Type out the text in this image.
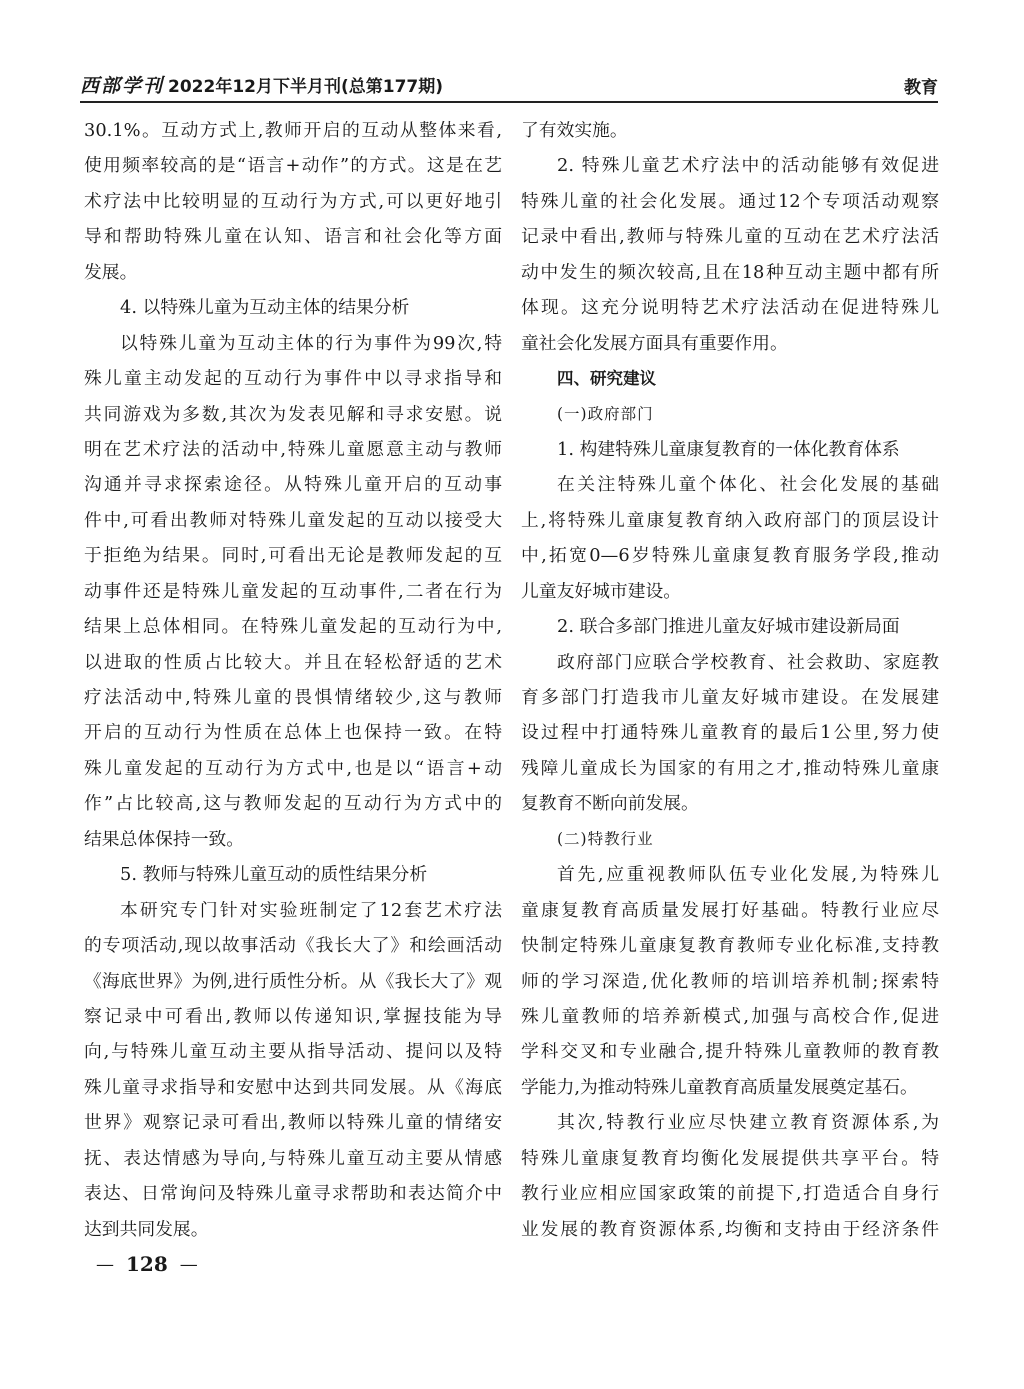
西部学刊 2022年12月下半月刊(总第177期)	教育
30.1%。互动方式上,教师开启的互动从整体来看,
使用频率较高的是“语言+动作”的方式。这是在艺
术疗法中比较明显的互动行为方式,可以更好地引
导和帮助特殊儿童在认知、语言和社会化等方面
发展。
4. 以特殊儿童为互动主体的结果分析
以特殊儿童为互动主体的行为事件为99次,特
殊儿童主动发起的互动行为事件中以寻求指导和
共同游戏为多数,其次为发表见解和寻求安慰。说
明在艺术疗法的活动中,特殊儿童愿意主动与教师
沟通并寻求探索途径。从特殊儿童开启的互动事
件中,可看出教师对特殊儿童发起的互动以接受大
于拒绝为结果。同时,可看出无论是教师发起的互
动事件还是特殊儿童发起的互动事件,二者在行为
结果上总体相同。在特殊儿童发起的互动行为中,
以进取的性质占比较大。并且在轻松舒适的艺术
疗法活动中,特殊儿童的畏惧情绪较少,这与教师
开启的互动行为性质在总体上也保持一致。在特
殊儿童发起的互动行为方式中,也是以“语言+动
作”占比较高,这与教师发起的互动行为方式中的
结果总体保持一致。
5. 教师与特殊儿童互动的质性结果分析
本研究专门针对实验班制定了12套艺术疗法
的专项活动,现以故事活动《我长大了》和绘画活动
《海底世界》为例,进行质性分析。从《我长大了》观
察记录中可看出,教师以传递知识,掌握技能为导
向,与特殊儿童互动主要从指导活动、提问以及特
殊儿童寻求指导和安慰中达到共同发展。从《海底
世界》观察记录可看出,教师以特殊儿童的情绪安
抚、表达情感为导向,与特殊儿童互动主要从情感
表达、日常询问及特殊儿童寻求帮助和表达简介中
达到共同发展。
了有效实施。
2. 特殊儿童艺术疗法中的活动能够有效促进
特殊儿童的社会化发展。通过12个专项活动观察
记录中看出,教师与特殊儿童的互动在艺术疗法活
动中发生的频次较高,且在18种互动主题中都有所
体现。这充分说明特艺术疗法活动在促进特殊儿
童社会化发展方面具有重要作用。
四、研究建议
(一)政府部门
1. 构建特殊儿童康复教育的一体化教育体系
在关注特殊儿童个体化、社会化发展的基础
上,将特殊儿童康复教育纳入政府部门的顶层设计
中,拓宽0—6岁特殊儿童康复教育服务学段,推动
儿童友好城市建设。
2. 联合多部门推进儿童友好城市建设新局面
政府部门应联合学校教育、社会救助、家庭教
育多部门打造我市儿童友好城市建设。在发展建
设过程中打通特殊儿童教育的最后1公里,努力使
残障儿童成长为国家的有用之才,推动特殊儿童康
复教育不断向前发展。
(二)特教行业
首先,应重视教师队伍专业化发展,为特殊儿
童康复教育高质量发展打好基础。特教行业应尽
快制定特殊儿童康复教育教师专业化标准,支持教
师的学习深造,优化教师的培训培养机制;探索特
殊儿童教师的培养新模式,加强与高校合作,促进
学科交叉和专业融合,提升特殊儿童教师的教育教
学能力,为推动特殊儿童教育高质量发展奠定基石。
其次,特教行业应尽快建立教育资源体系,为
特殊儿童康复教育均衡化发展提供共享平台。特
教行业应相应国家政策的前提下,打造适合自身行
业发展的教育资源体系,均衡和支持由于经济条件
— 128 —
